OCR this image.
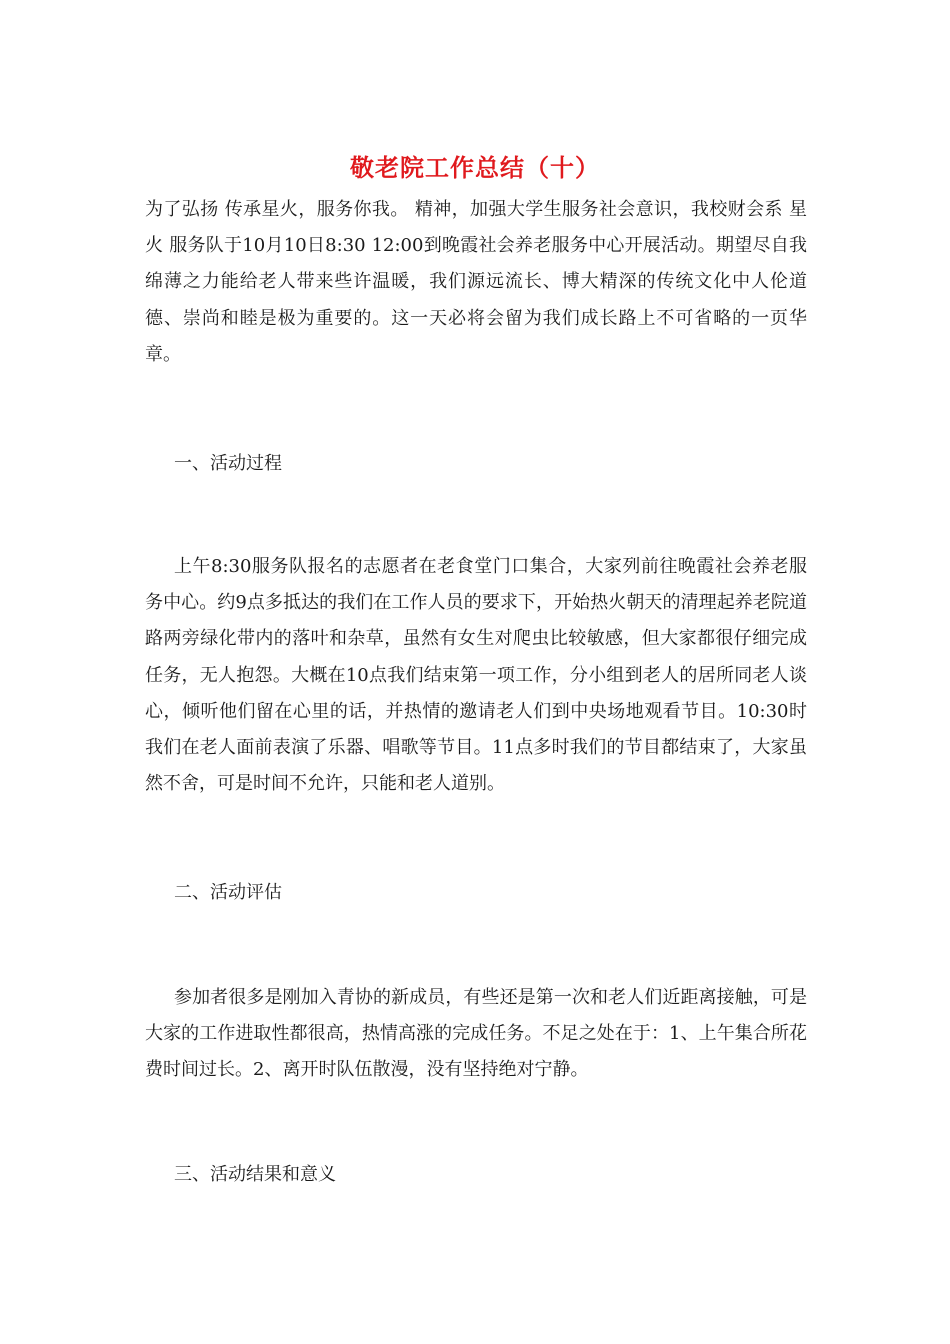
敬老院工作总结（十）

为了弘扬 传承星火，服务你我。 精神，加强大学生服务社会意识，我校财会系 星火 服务队于10月10日8:30 12:00到晚霞社会养老服务中心开展活动。期望尽自我绵薄之力能给老人带来些许温暖，我们源远流长、博大精深的传统文化中人伦道德、崇尚和睦是极为重要的。这一天必将会留为我们成长路上不可省略的一页华章。

一、活动过程

上午8:30服务队报名的志愿者在老食堂门口集合，大家列前往晚霞社会养老服务中心。约9点多抵达的我们在工作人员的要求下，开始热火朝天的清理起养老院道路两旁绿化带内的落叶和杂草，虽然有女生对爬虫比较敏感，但大家都很仔细完成任务，无人抱怨。大概在10点我们结束第一项工作，分小组到老人的居所同老人谈心，倾听他们留在心里的话，并热情的邀请老人们到中央场地观看节目。10:30时我们在老人面前表演了乐器、唱歌等节目。11点多时我们的节目都结束了，大家虽然不舍，可是时间不允许，只能和老人道别。

二、活动评估

参加者很多是刚加入青协的新成员，有些还是第一次和老人们近距离接触，可是大家的工作进取性都很高，热情高涨的完成任务。不足之处在于：1、上午集合所花费时间过长。2、离开时队伍散漫，没有坚持绝对宁静。

三、活动结果和意义
